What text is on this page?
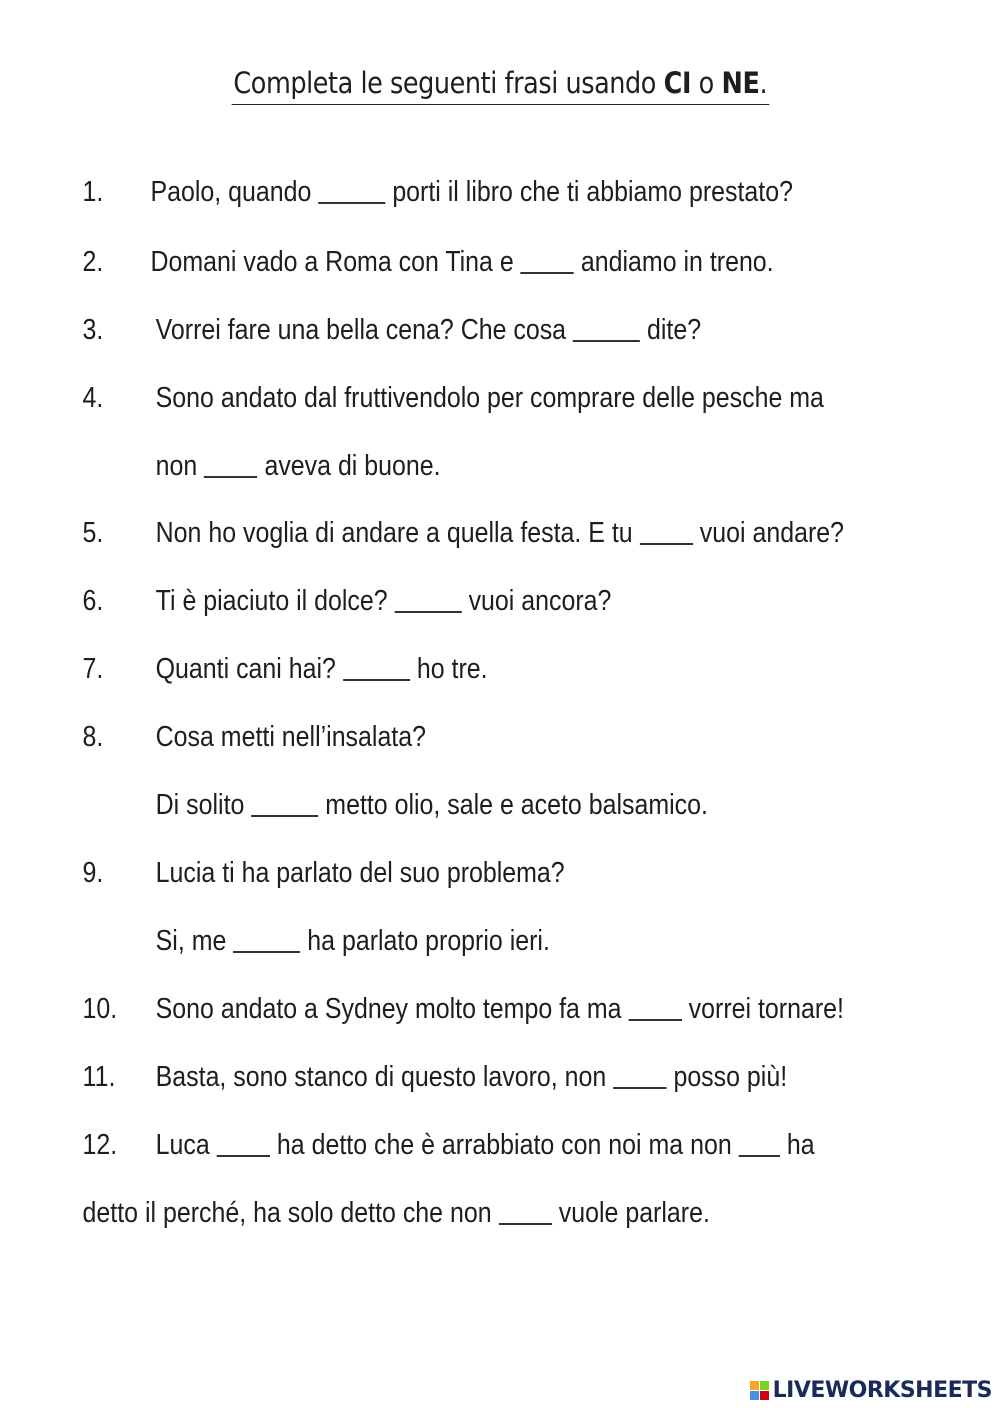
Completa le seguenti frasi usando CI o NE.
1. Paolo, quando  porti il libro che ti abbiamo prestato?
2. Domani vado a Roma con Tina e  andiamo in treno.
3. Vorrei fare una bella cena? Che cosa  dite?
4. Sono andato dal fruttivendolo per comprare delle pesche ma
non  aveva di buone.
5. Non ho voglia di andare a quella festa. E tu  vuoi andare?
6. Ti è piaciuto il dolce?  vuoi ancora?
7. Quanti cani hai?  ho tre.
8. Cosa metti nell’insalata?
Di solito  metto olio, sale e aceto balsamico.
9. Lucia ti ha parlato del suo problema?
Si, me  ha parlato proprio ieri.
10. Sono andato a Sydney molto tempo fa ma  vorrei tornare!
11. Basta, sono stanco di questo lavoro, non  posso più!
12. Luca  ha detto che è arrabbiato con noi ma non  ha
detto il perché, ha solo detto che non  vuole parlare.
LIVEWORKSHEETS
